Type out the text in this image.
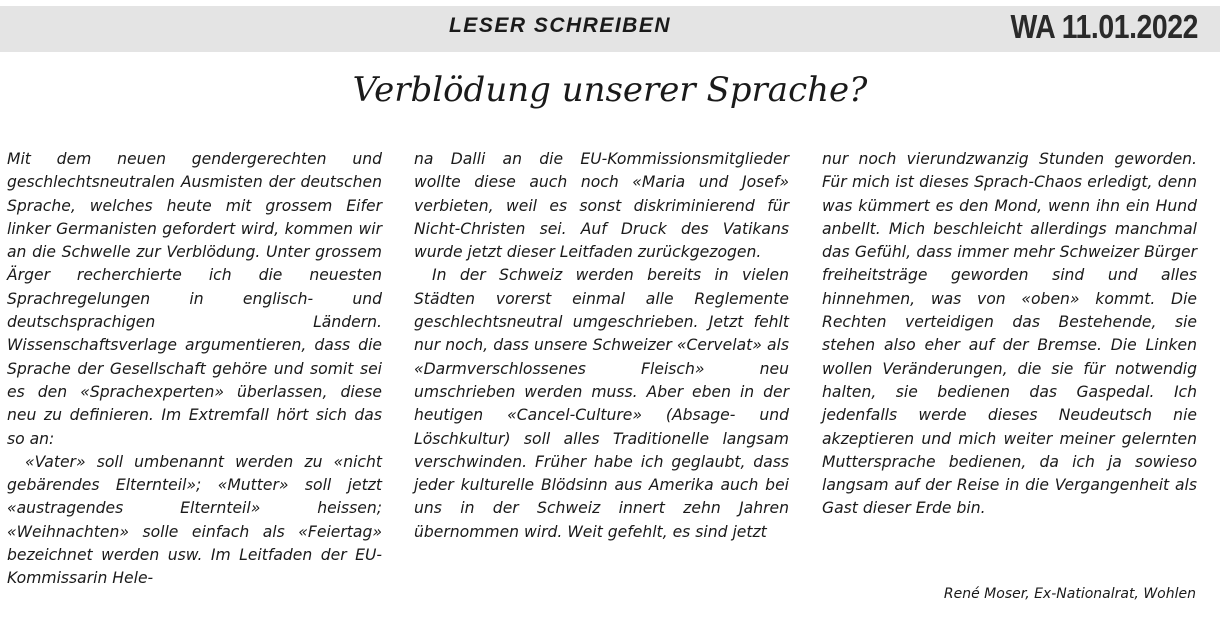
LESER SCHREIBEN	WA 11.01.2022
Verblödung unserer Sprache?

Mit dem neuen gendergerechten und geschlechtsneutralen Ausmisten der deutschen Sprache, welches heute mit grossem Eifer linker Germanisten gefordert wird, kommen wir an die Schwelle zur Verblödung. Unter grossem Ärger recherchierte ich die neuesten Sprachregelungen in englisch- und deutschsprachigen Ländern. Wissenschaftsverlage argumentieren, dass die Sprache der Gesellschaft gehöre und somit sei es den «Sprachexperten» überlassen, diese neu zu definieren. Im Extremfall hört sich das so an:

«Vater» soll umbenannt werden zu «nicht gebärendes Elternteil»; «Mutter» soll jetzt «austragendes Elternteil» heissen; «Weihnachten» solle einfach als «Feiertag» bezeichnet werden usw. Im Leitfaden der EU-Kommissarin Hele-

na Dalli an die EU-Kommissionsmitglieder wollte diese auch noch «Maria und Josef» verbieten, weil es sonst diskriminierend für Nicht-Christen sei. Auf Druck des Vatikans wurde jetzt dieser Leitfaden zurückgezogen.

In der Schweiz werden bereits in vielen Städten vorerst einmal alle Reglemente geschlechtsneutral umgeschrieben. Jetzt fehlt nur noch, dass unsere Schweizer «Cervelat» als «Darmverschlossenes Fleisch» neu umschrieben werden muss. Aber eben in der heutigen «Cancel-Culture» (Absage- und Löschkultur) soll alles Traditionelle langsam verschwinden. Früher habe ich geglaubt, dass jeder kulturelle Blödsinn aus Amerika auch bei uns in der Schweiz innert zehn Jahren übernommen wird. Weit gefehlt, es sind jetzt

nur noch vierundzwanzig Stunden geworden. Für mich ist dieses Sprach-Chaos erledigt, denn was kümmert es den Mond, wenn ihn ein Hund anbellt. Mich beschleicht allerdings manchmal das Gefühl, dass immer mehr Schweizer Bürger freiheitsträge geworden sind und alles hinnehmen, was von «oben» kommt. Die Rechten verteidigen das Bestehende, sie stehen also eher auf der Bremse. Die Linken wollen Veränderungen, die sie für notwendig halten, sie bedienen das Gaspedal. Ich jedenfalls werde dieses Neudeutsch nie akzeptieren und mich weiter meiner gelernten Muttersprache bedienen, da ich ja sowieso langsam auf der Reise in die Vergangenheit als Gast dieser Erde bin.

René Moser, Ex-Nationalrat, Wohlen
